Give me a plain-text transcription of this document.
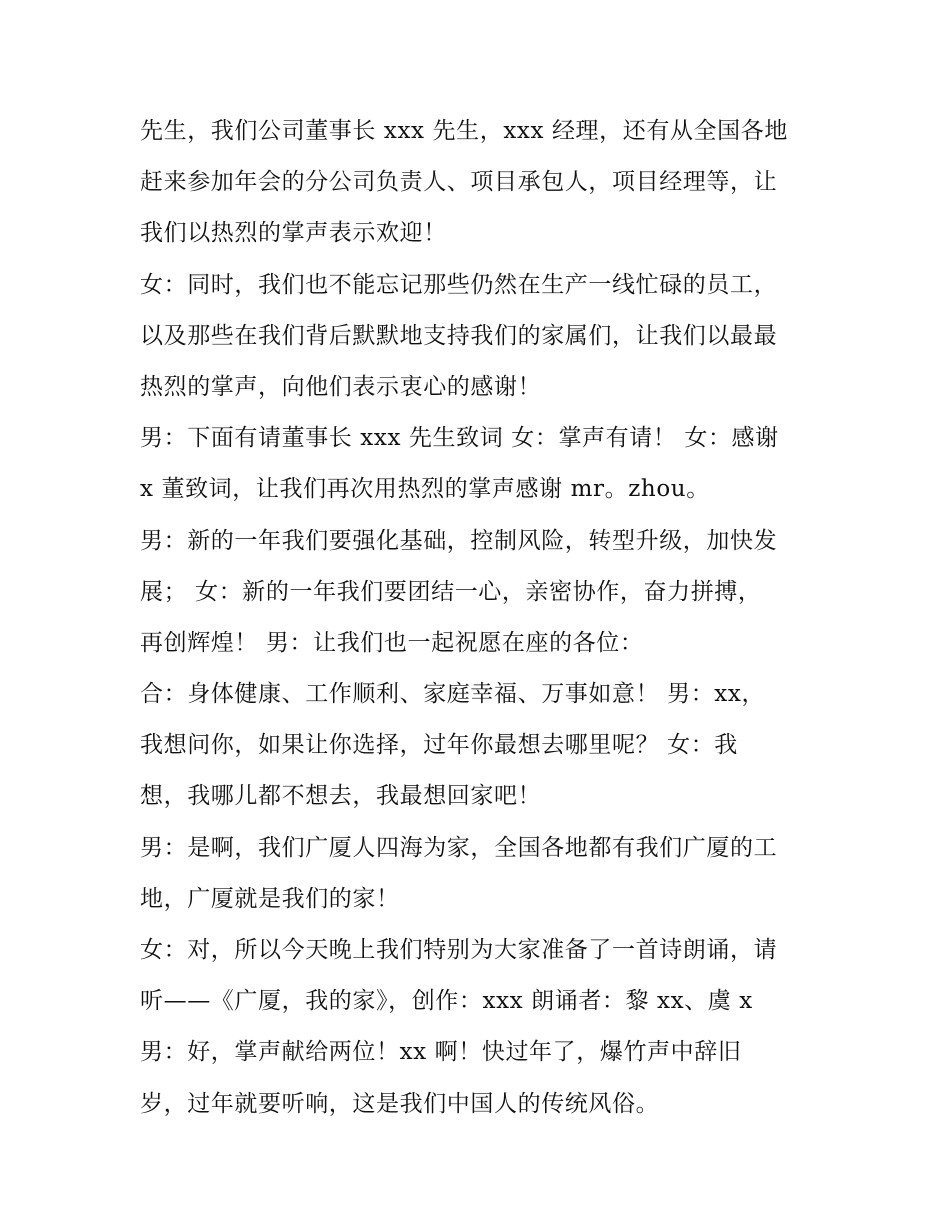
先生，我们公司董事长 xxx 先生，xxx 经理，还有从全国各地
赶来参加年会的分公司负责人、项目承包人，项目经理等，让
我们以热烈的掌声表示欢迎！
女：同时，我们也不能忘记那些仍然在生产一线忙碌的员工，
以及那些在我们背后默默地支持我们的家属们，让我们以最最
热烈的掌声，向他们表示衷心的感谢！
男：下面有请董事长 xxx 先生致词 女：掌声有请！ 女：感谢
x 董致词，让我们再次用热烈的掌声感谢 mr。zhou。
男：新的一年我们要强化基础，控制风险，转型升级，加快发
展； 女：新的一年我们要团结一心，亲密协作，奋力拼搏，
再创辉煌！ 男：让我们也一起祝愿在座的各位：
合：身体健康、工作顺利、家庭幸福、万事如意！ 男：xx，
我想问你，如果让你选择，过年你最想去哪里呢？ 女：我
想，我哪儿都不想去，我最想回家吧！
男：是啊，我们广厦人四海为家，全国各地都有我们广厦的工
地，广厦就是我们的家！
女：对，所以今天晚上我们特别为大家准备了一首诗朗诵，请
听——《广厦，我的家》，创作：xxx 朗诵者：黎 xx、虞 x
男：好，掌声献给两位！xx 啊！快过年了，爆竹声中辞旧
岁，过年就要听响，这是我们中国人的传统风俗。
